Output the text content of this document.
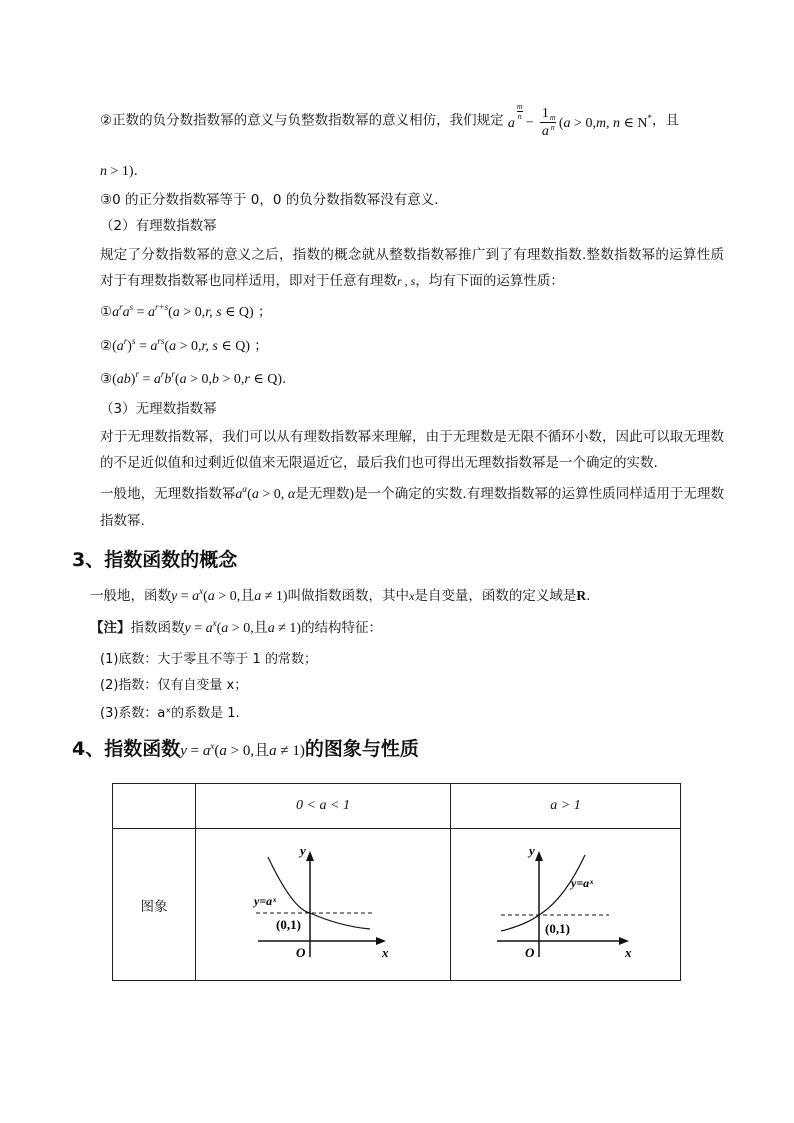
②正数的负分数指数幂的意义与负整数指数幂的意义相仿，我们规定 a
m
n − 1
a
m
n (a > 0,m, n ∈ N*，且
n > 1).
③0 的正分数指数幂等于 0，0 的负分数指数幂没有意义.
（2）有理数指数幂
规定了分数指数幂的意义之后，指数的概念就从整数指数幂推广到了有理数指数.整数指数幂的运算性质对于有理数指数幂也同样适用，即对于任意有理数r , s，均有下面的运算性质：
$①a^ra^s = a^{r+s}(a > 0,r$, s ∈ Q) ；
$②(a^r)^s = a^{rs}(a > 0,r$, s ∈ Q) ；
③(ab)$^r$ = $a^rb^r(a > 0,b > 0,r$ ∈ Q).
（3）无理数指数幂
对于无理数指数幂，我们可以从有理数指数幂来理解，由于无理数是无限不循环小数，因此可以取无理数的不足近似值和过剩近似值来无限逼近它，最后我们也可得出无理数指数幂是一个确定的实数.
一般地，无理数指数幂$a^\alpha(a > 0$, α是无理数)是一个确定的实数.有理数指数幂的运算性质同样适用于无理数指数幂.
3、指数函数的概念
一般地，函数$y = a^x(a > 0$,且a ≠ 1)叫做指数函数，其中x是自变量，函数的定义域是R.
【注】指数函数$y = a^x(a > 0$,且a ≠ 1)的结构特征：
(1)底数：大于零且不等于 1 的常数；
(2)指数：仅有自变量 x；
(3)系数：aˣ的系数是 1.
4、指数函数$y = a^x(a > 0$,且a ≠ 1)的图象与性质
	0 < a < 1	a > 1
图象	y
x
O
(0,1)
y=aˣ	y
x
O
(0,1)
y=aˣ
